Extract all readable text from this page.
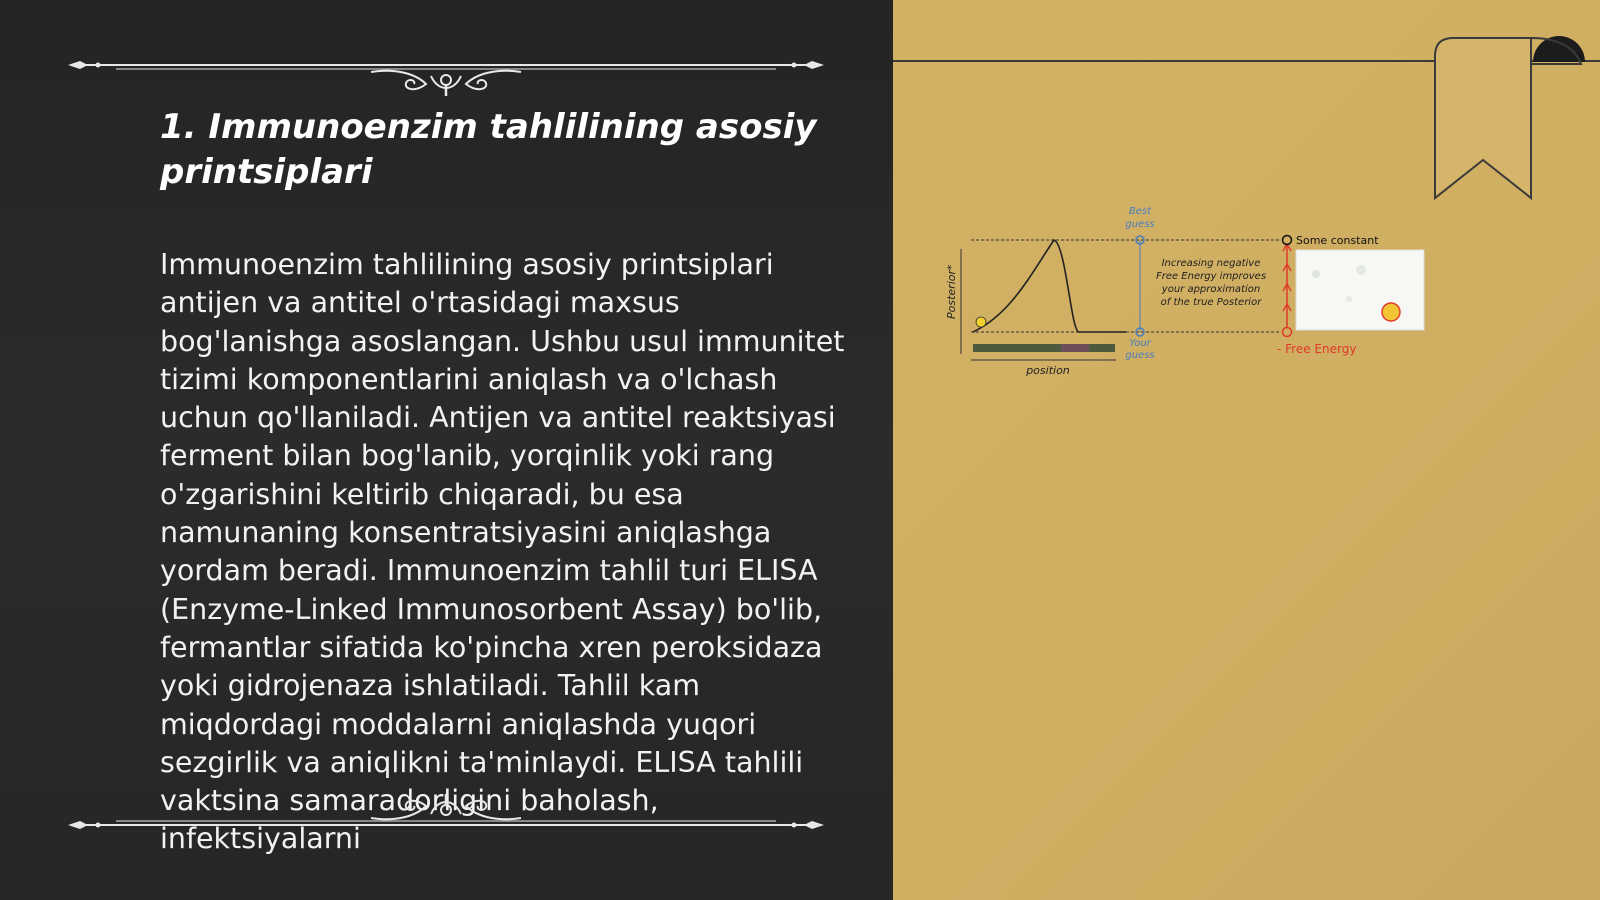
1. Immunoenzim tahlilining asosiy printsiplari

Immunoenzim tahlilining asosiy printsiplari antijen va antitel o'rtasidagi maxsus bog'lanishga asoslangan. Ushbu usul immunitet tizimi komponentlarini aniqlash va o'lchash uchun qo'llaniladi. Antijen va antitel reaktsiyasi ferment bilan bog'lanib, yorqinlik yoki rang o'zgarishini keltirib chiqaradi, bu esa namunaning konsentratsiyasini aniqlashga yordam beradi. Immunoenzim tahlil turi ELISA (Enzyme-Linked Immunosorbent Assay) bo'lib, fermantlar sifatida ko'pincha xren peroksidaza yoki gidrojenaza ishlatiladi. Tahlil kam miqdordagi moddalarni aniqlashda yuqori sezgirlik va aniqlikni ta'minlaydi. ELISA tahlili vaktsina samaradorligini baholash, infektsiyalarni

Posterior*
position
Best
guess
Your
guess
Increasing negative
Free Energy improves
your approximation
of the true Posterior
Some constant
- Free Energy
